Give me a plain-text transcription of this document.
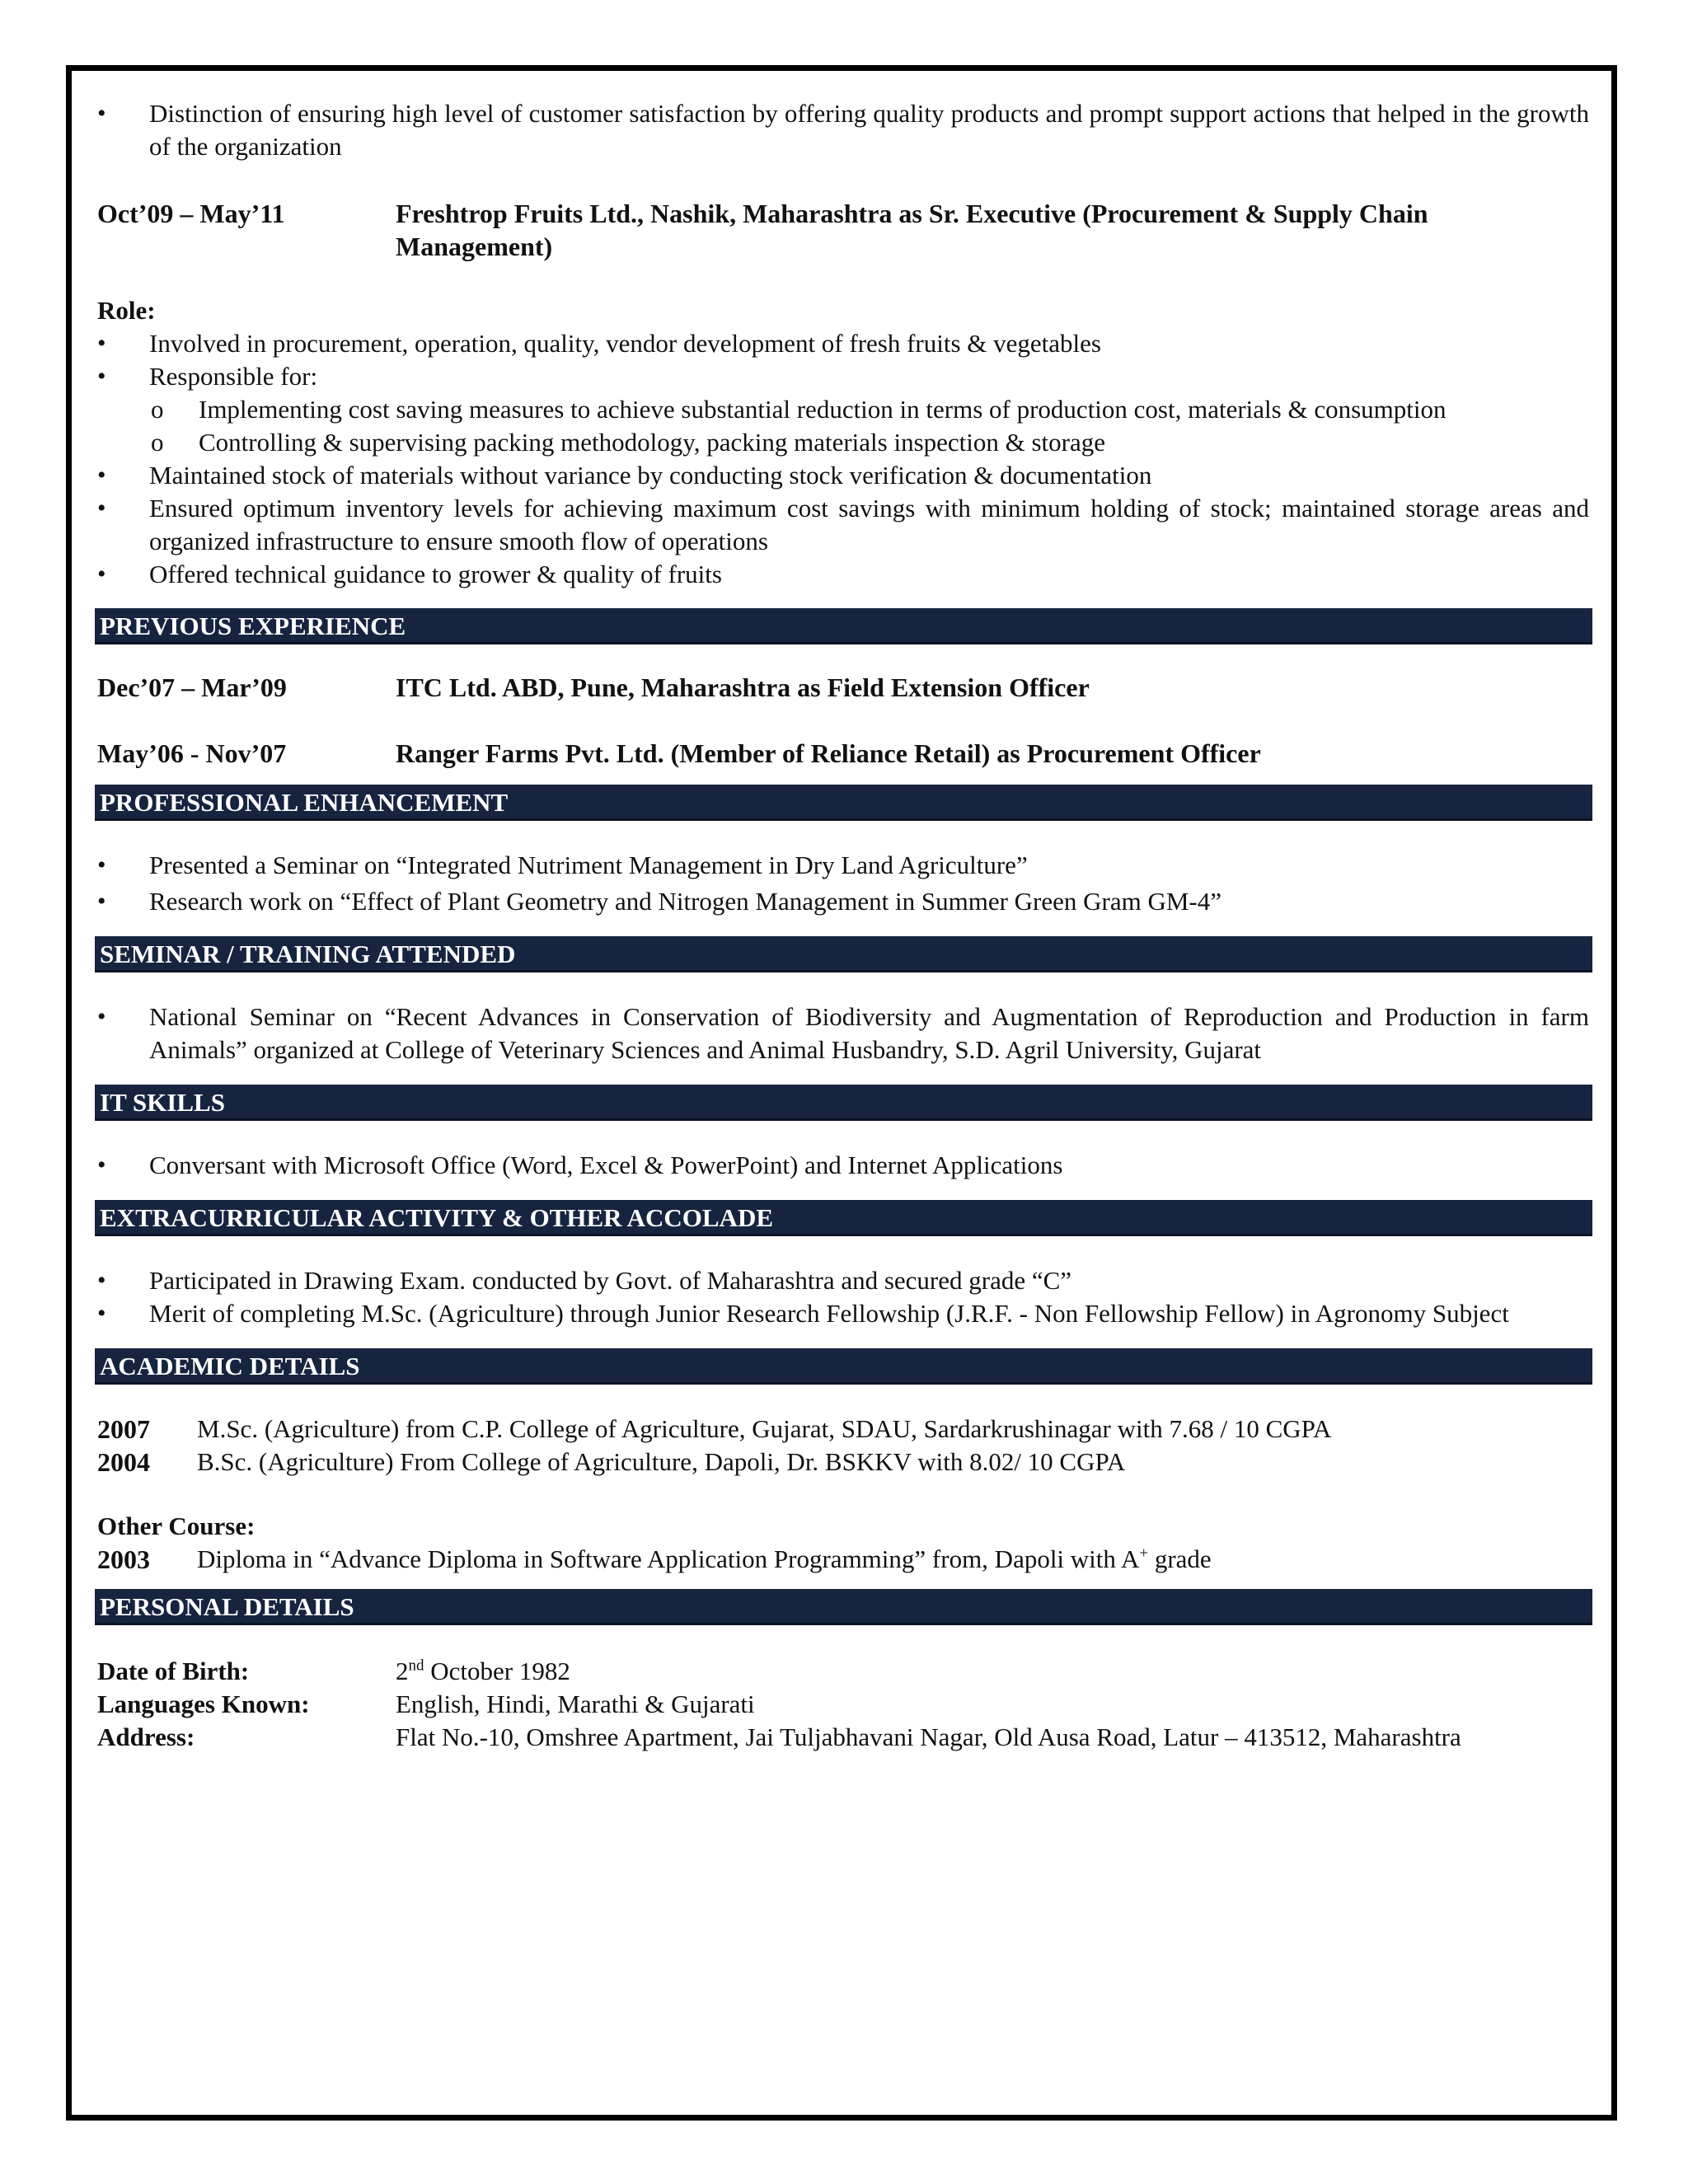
• Distinction of ensuring high level of customer satisfaction by offering quality products and prompt support actions that helped in the growth of the organization
Oct’09 – May’11	Freshtrop Fruits Ltd., Nashik, Maharashtra as Sr. Executive (Procurement & Supply Chain Management)
Role:
• Involved in procurement, operation, quality, vendor development of fresh fruits & vegetables
• Responsible for:
o Implementing cost saving measures to achieve substantial reduction in terms of production cost, materials & consumption
o Controlling & supervising packing methodology, packing materials inspection & storage
• Maintained stock of materials without variance by conducting stock verification & documentation
• Ensured optimum inventory levels for achieving maximum cost savings with minimum holding of stock; maintained storage areas and organized infrastructure to ensure smooth flow of operations
• Offered technical guidance to grower & quality of fruits
PREVIOUS EXPERIENCE
Dec’07 – Mar’09	ITC Ltd. ABD, Pune, Maharashtra as Field Extension Officer
May’06 - Nov’07	Ranger Farms Pvt. Ltd. (Member of Reliance Retail) as Procurement Officer
PROFESSIONAL ENHANCEMENT
• Presented a Seminar on “Integrated Nutriment Management in Dry Land Agriculture”
• Research work on “Effect of Plant Geometry and Nitrogen Management in Summer Green Gram GM-4”
SEMINAR / TRAINING ATTENDED
• National Seminar on “Recent Advances in Conservation of Biodiversity and Augmentation of Reproduction and Production in farm Animals” organized at College of Veterinary Sciences and Animal Husbandry, S.D. Agril University, Gujarat
IT SKILLS
• Conversant with Microsoft Office (Word, Excel & PowerPoint) and Internet Applications
EXTRACURRICULAR ACTIVITY & OTHER ACCOLADE
• Participated in Drawing Exam. conducted by Govt. of Maharashtra and secured grade “C”
• Merit of completing M.Sc. (Agriculture) through Junior Research Fellowship (J.R.F. - Non Fellowship Fellow) in Agronomy Subject
ACADEMIC DETAILS
2007	M.Sc. (Agriculture) from C.P. College of Agriculture, Gujarat, SDAU, Sardarkrushinagar with 7.68 / 10 CGPA
2004	B.Sc. (Agriculture) From College of Agriculture, Dapoli, Dr. BSKKV with 8.02/ 10 CGPA
Other Course:
2003	Diploma in “Advance Diploma in Software Application Programming” from, Dapoli with A+ grade
PERSONAL DETAILS
Date of Birth:	2nd October 1982
Languages Known:	English, Hindi, Marathi & Gujarati
Address:	Flat No.-10, Omshree Apartment, Jai Tuljabhavani Nagar, Old Ausa Road, Latur – 413512, Maharashtra
